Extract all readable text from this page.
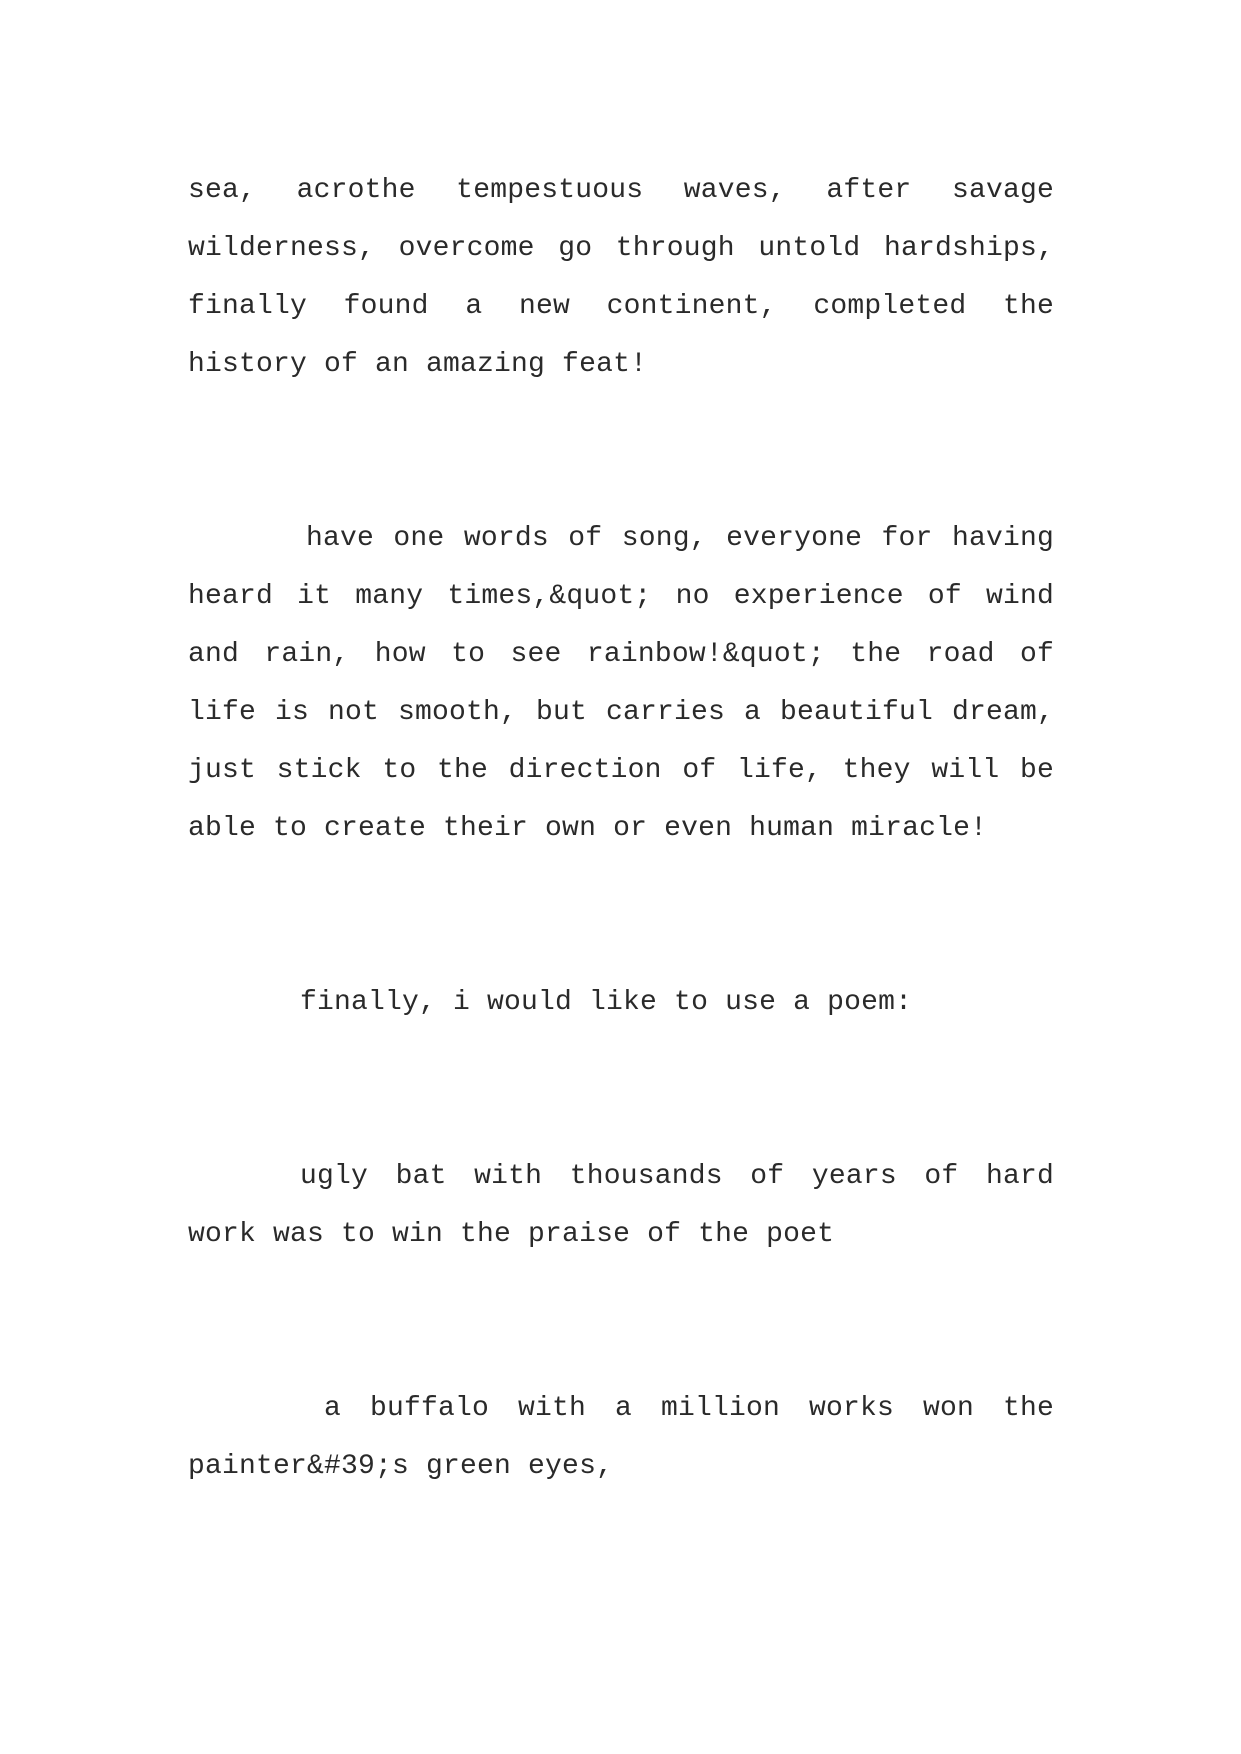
sea, acrothe tempestuous waves, after savage wilderness, overcome go through untold hardships, finally found a new continent, completed the history of an amazing feat!

have one words of song, everyone for having heard it many times,&quot; no experience of wind and rain, how to see rainbow!&quot; the road of life is not smooth, but carries a beautiful dream, just stick to the direction of life, they will be able to create their own or even human miracle!

finally, i would like to use a poem:

ugly bat with thousands of years of hard work was to win the praise of the poet

a buffalo with a million works won the painter&#39;s green eyes,
